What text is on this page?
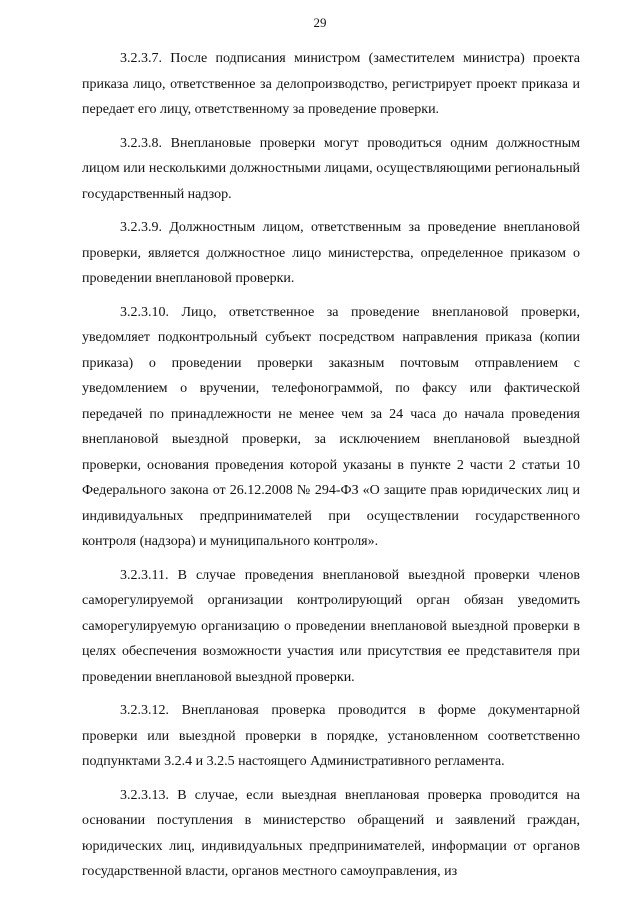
29

3.2.3.7. После подписания министром (заместителем министра) проекта приказа лицо, ответственное за делопроизводство, регистрирует проект приказа и передает его лицу, ответственному за проведение проверки.

3.2.3.8. Внеплановые проверки могут проводиться одним должностным лицом или несколькими должностными лицами, осуществляющими региональный государственный надзор.

3.2.3.9. Должностным лицом, ответственным за проведение внеплановой проверки, является должностное лицо министерства, определенное приказом о проведении внеплановой проверки.

3.2.3.10. Лицо, ответственное за проведение внеплановой проверки, уведомляет подконтрольный субъект посредством направления приказа (копии приказа) о проведении проверки заказным почтовым отправлением с уведомлением о вручении, телефонограммой, по факсу или фактической передачей по принадлежности не менее чем за 24 часа до начала проведения внеплановой выездной проверки, за исключением внеплановой выездной проверки, основания проведения которой указаны в пункте 2 части 2 статьи 10 Федерального закона от 26.12.2008 № 294-ФЗ «О защите прав юридических лиц и индивидуальных предпринимателей при осуществлении государственного контроля (надзора) и муниципального контроля».

3.2.3.11. В случае проведения внеплановой выездной проверки членов саморегулируемой организации контролирующий орган обязан уведомить саморегулируемую организацию о проведении внеплановой выездной проверки в целях обеспечения возможности участия или присутствия ее представителя при проведении внеплановой выездной проверки.

3.2.3.12. Внеплановая проверка проводится в форме документарной проверки или выездной проверки в порядке, установленном соответственно подпунктами 3.2.4 и 3.2.5 настоящего Административного регламента.

3.2.3.13. В случае, если выездная внеплановая проверка проводится на основании поступления в министерство обращений и заявлений граждан, юридических лиц, индивидуальных предпринимателей, информации от органов государственной власти, органов местного самоуправления, из
